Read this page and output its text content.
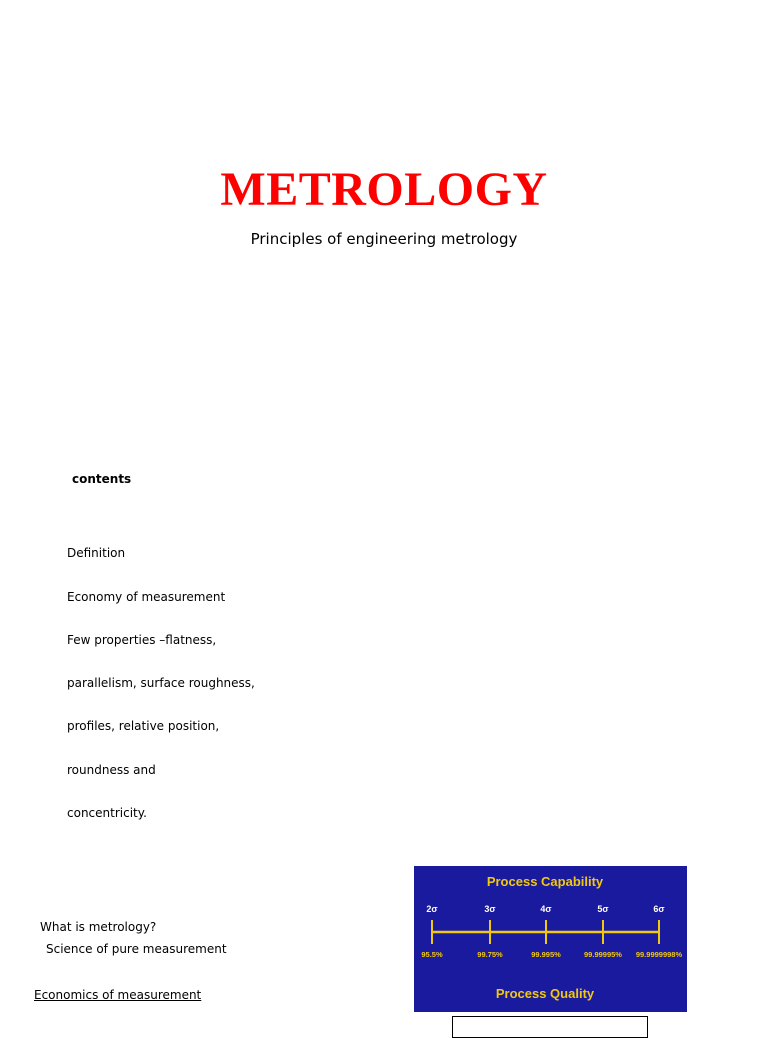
METROLOGY
Principles of engineering metrology
contents
Definition
Economy of measurement
Few properties –flatness,
parallelism, surface roughness,
profiles, relative position,
roundness and
concentricity.
What is metrology?
Science of pure measurement
Economics of measurement
Process Capability
2σ	3σ	4σ	5σ	6σ
95.5%	99.75%	99.995%	99.99995% 99.9999998%
Process Quality
